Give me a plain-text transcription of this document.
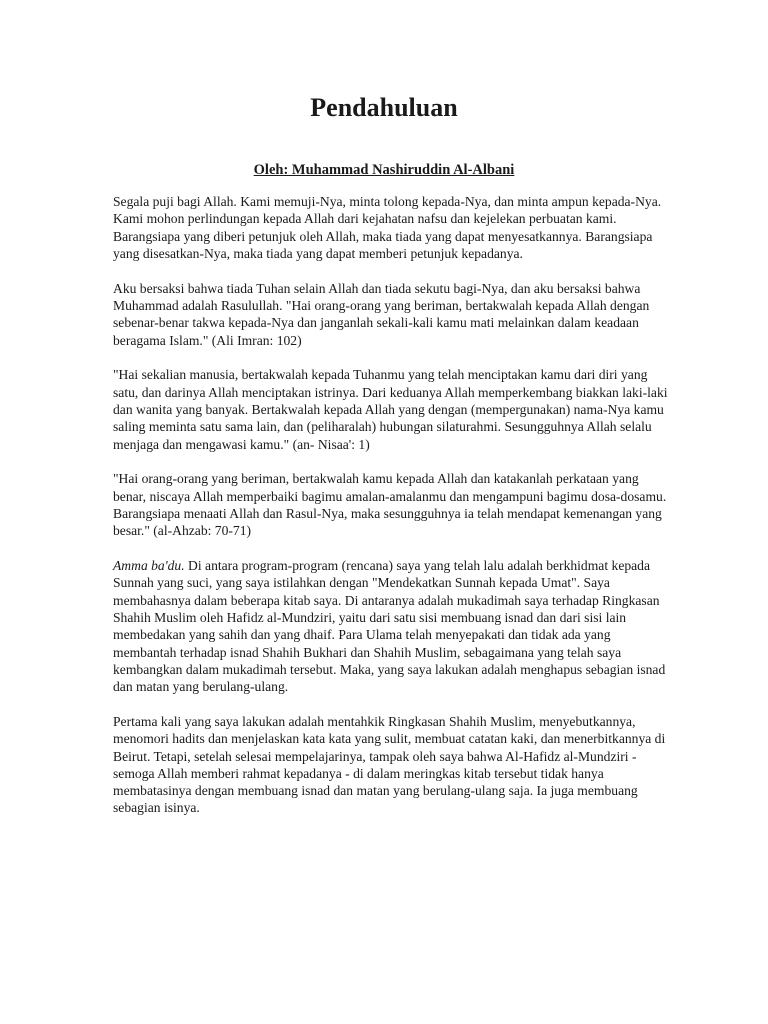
Pendahuluan

Oleh: Muhammad Nashiruddin Al-Albani

Segala puji bagi Allah. Kami memuji-Nya, minta tolong kepada-Nya, dan minta ampun kepada-Nya. Kami mohon perlindungan kepada Allah dari kejahatan nafsu dan kejelekan perbuatan kami. Barangsiapa yang diberi petunjuk oleh Allah, maka tiada yang dapat menyesatkannya. Barangsiapa yang disesatkan-Nya, maka tiada yang dapat memberi petunjuk kepadanya.

Aku bersaksi bahwa tiada Tuhan selain Allah dan tiada sekutu bagi-Nya, dan aku bersaksi bahwa Muhammad adalah Rasulullah. "Hai orang-orang yang beriman, bertakwalah kepada Allah dengan sebenar-benar takwa kepada-Nya dan janganlah sekali-kali kamu mati melainkan dalam keadaan beragama Islam." (Ali Imran: 102)

"Hai sekalian manusia, bertakwalah kepada Tuhanmu yang telah menciptakan kamu dari diri yang satu, dan darinya Allah menciptakan istrinya. Dari keduanya Allah memperkembang biakkan laki-laki dan wanita yang banyak. Bertakwalah kepada Allah yang dengan (mempergunakan) nama-Nya kamu saling meminta satu sama lain, dan (peliharalah) hubungan silaturahmi. Sesungguhnya Allah selalu menjaga dan mengawasi kamu." (an- Nisaa': 1)

"Hai orang-orang yang beriman, bertakwalah kamu kepada Allah dan katakanlah perkataan yang benar, niscaya Allah memperbaiki bagimu amalan-amalanmu dan mengampuni bagimu dosa-dosamu. Barangsiapa menaati Allah dan Rasul-Nya, maka sesungguhnya ia telah mendapat kemenangan yang besar." (al-Ahzab: 70-71)

Amma ba'du. Di antara program-program (rencana) saya yang telah lalu adalah berkhidmat kepada Sunnah yang suci, yang saya istilahkan dengan "Mendekatkan Sunnah kepada Umat". Saya membahasnya dalam beberapa kitab saya. Di antaranya adalah mukadimah saya terhadap Ringkasan Shahih Muslim oleh Hafidz al-Mundziri, yaitu dari satu sisi membuang isnad dan dari sisi lain membedakan yang sahih dan yang dhaif. Para Ulama telah menyepakati dan tidak ada yang membantah terhadap isnad Shahih Bukhari dan Shahih Muslim, sebagaimana yang telah saya kembangkan dalam mukadimah tersebut. Maka, yang saya lakukan adalah menghapus sebagian isnad dan matan yang berulang-ulang.

Pertama kali yang saya lakukan adalah mentahkik Ringkasan Shahih Muslim, menyebutkannya, menomori hadits dan menjelaskan kata kata yang sulit, membuat catatan kaki, dan menerbitkannya di Beirut. Tetapi, setelah selesai mempelajarinya, tampak oleh saya bahwa Al-Hafidz al-Mundziri - semoga Allah memberi rahmat kepadanya - di dalam meringkas kitab tersebut tidak hanya membatasinya dengan membuang isnad dan matan yang berulang-ulang saja. Ia juga membuang sebagian isinya.
